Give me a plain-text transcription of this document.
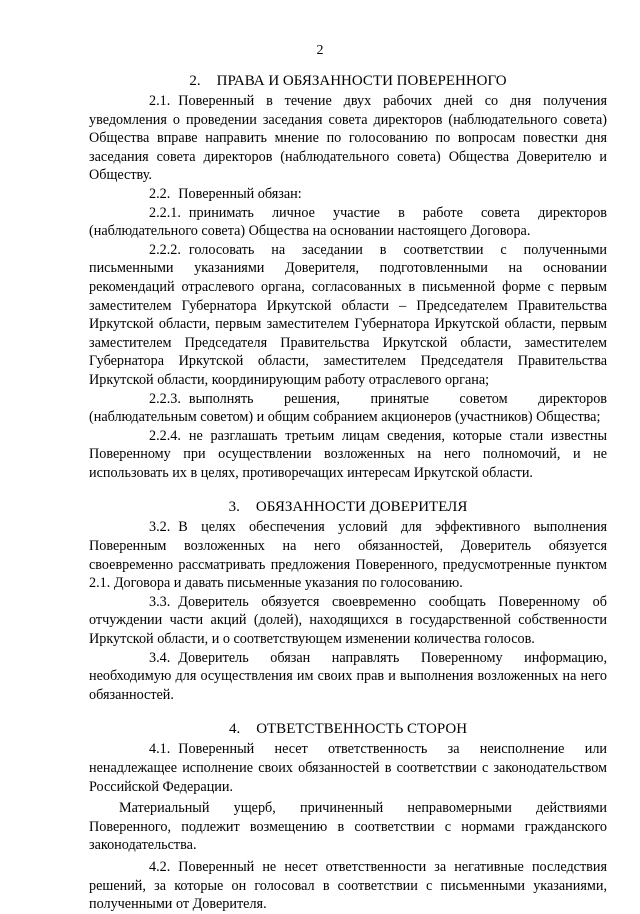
2
2. ПРАВА И ОБЯЗАННОСТИ ПОВЕРЕННОГО

2.1. Поверенный в течение двух рабочих дней со дня получения уведомления о проведении заседания совета директоров (наблюдательного совета) Общества вправе направить мнение по голосованию по вопросам повестки дня заседания совета директоров (наблюдательного совета) Общества Доверителю и Обществу.

2.2. Поверенный обязан:

2.2.1. принимать личное участие в работе совета директоров (наблюдательного совета) Общества на основании настоящего Договора.

2.2.2. голосовать на заседании в соответствии с полученными письменными указаниями Доверителя, подготовленными на основании рекомендаций отраслевого органа, согласованных в письменной форме с первым заместителем Губернатора Иркутской области – Председателем Правительства Иркутской области, первым заместителем Губернатора Иркутской области, первым заместителем Председателя Правительства Иркутской области, заместителем Губернатора Иркутской области, заместителем Председателя Правительства Иркутской области, координирующим работу отраслевого органа;

2.2.3. выполнять решения, принятые советом директоров (наблюдательным советом) и общим собранием акционеров (участников) Общества;

2.2.4. не разглашать третьим лицам сведения, которые стали известны Поверенному при осуществлении возложенных на него полномочий, и не использовать их в целях, противоречащих интересам Иркутской области.

3. ОБЯЗАННОСТИ ДОВЕРИТЕЛЯ

3.2. В целях обеспечения условий для эффективного выполнения Поверенным возложенных на него обязанностей, Доверитель обязуется своевременно рассматривать предложения Поверенного, предусмотренные пунктом 2.1. Договора и давать письменные указания по голосованию.

3.3. Доверитель обязуется своевременно сообщать Поверенному об отчуждении части акций (долей), находящихся в государственной собственности Иркутской области, и о соответствующем изменении количества голосов.

3.4. Доверитель обязан направлять Поверенному информацию, необходимую для осуществления им своих прав и выполнения возложенных на него обязанностей.

4. ОТВЕТСТВЕННОСТЬ СТОРОН

4.1. Поверенный несет ответственность за неисполнение или ненадлежащее исполнение своих обязанностей в соответствии с законодательством Российской Федерации.

Материальный ущерб, причиненный неправомерными действиями Поверенного, подлежит возмещению в соответствии с нормами гражданского законодательства.

4.2. Поверенный не несет ответственности за негативные последствия решений, за которые он голосовал в соответствии с письменными указаниями, полученными от Доверителя.
